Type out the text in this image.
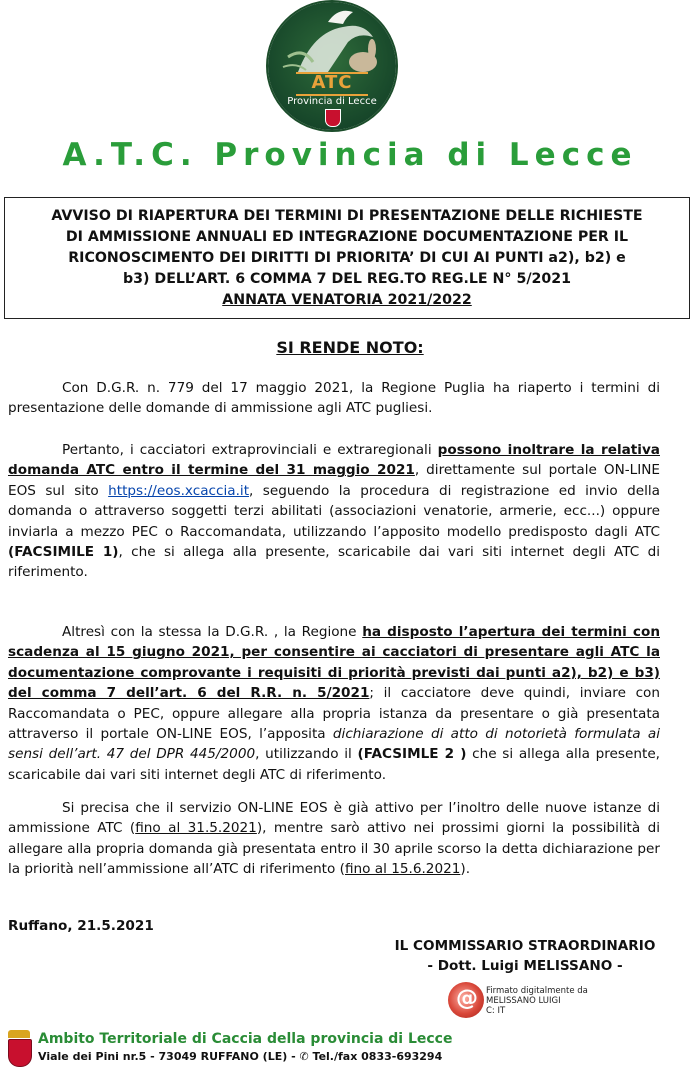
ATC
Provincia di Lecce
A.T.C. Provincia di Lecce
AVVISO DI RIAPERTURA DEI TERMINI DI PRESENTAZIONE DELLE RICHIESTE
DI AMMISSIONE ANNUALI ED INTEGRAZIONE DOCUMENTAZIONE PER IL
RICONOSCIMENTO DEI DIRITTI DI PRIORITA’ DI CUI AI PUNTI a2), b2) e
b3) DELL’ART. 6 COMMA 7 DEL REG.TO REG.LE N° 5/2021
ANNATA VENATORIA 2021/2022
SI RENDE NOTO:
Con D.G.R. n. 779 del 17 maggio 2021, la Regione Puglia ha riaperto i termini di presentazione delle domande di ammissione agli ATC pugliesi.
Pertanto, i cacciatori extraprovinciali e extraregionali possono inoltrare la relativa domanda ATC entro il termine del 31 maggio 2021, direttamente sul portale ON-LINE EOS sul sito https://eos.xcaccia.it, seguendo la procedura di registrazione ed invio della domanda o attraverso soggetti terzi abilitati (associazioni venatorie, armerie, ecc...) oppure inviarla a mezzo PEC o Raccomandata, utilizzando l’apposito modello predisposto dagli ATC (FACSIMILE 1), che si allega alla presente, scaricabile dai vari siti internet degli ATC di riferimento.
Altresì con la stessa la D.G.R. , la Regione ha disposto l’apertura dei termini con scadenza al 15 giugno 2021, per consentire ai cacciatori di presentare agli ATC la documentazione comprovante i requisiti di priorità previsti dai punti a2), b2) e b3) del comma 7 dell’art. 6 del R.R. n. 5/2021; il cacciatore deve quindi, inviare con Raccomandata o PEC, oppure allegare alla propria istanza da presentare o già presentata attraverso il portale ON-LINE EOS, l’apposita dichiarazione di atto di notorietà formulata ai sensi dell’art. 47 del DPR 445/2000, utilizzando il (FACSIMLE 2 ) che si allega alla presente, scaricabile dai vari siti internet degli ATC di riferimento.
Si precisa che il servizio ON-LINE EOS è già attivo per l’inoltro delle nuove istanze di ammissione ATC (fino al 31.5.2021), mentre sarò attivo nei prossimi giorni la possibilità di allegare alla propria domanda già presentata entro il 30 aprile scorso la detta dichiarazione per la priorità nell’ammissione all’ATC di riferimento (fino al 15.6.2021).
Ruffano, 21.5.2021
IL COMMISSARIO STRAORDINARIO
- Dott. Luigi MELISSANO -
@ Firmato digitalmente da
MELISSANO LUIGI
C: IT
Ambito Territoriale di Caccia della provincia di Lecce
Viale dei Pini nr.5 - 73049 RUFFANO (LE) - ✆ Tel./fax 0833-693294
